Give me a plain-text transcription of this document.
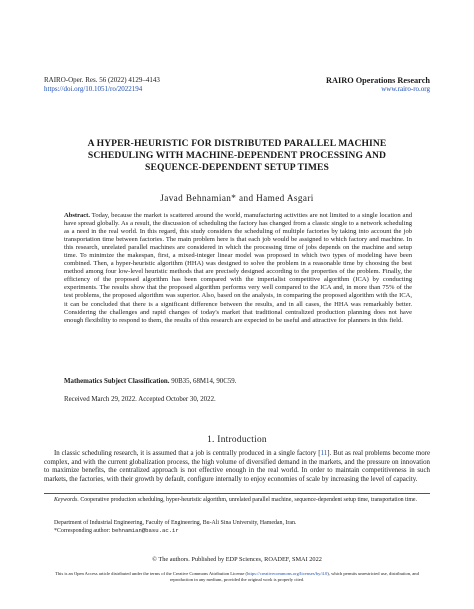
RAIRO-Oper. Res. 56 (2022) 4129–4143
https://doi.org/10.1051/ro/2022194
RAIRO Operations Research
www.rairo-ro.org
A HYPER-HEURISTIC FOR DISTRIBUTED PARALLEL MACHINE
SCHEDULING WITH MACHINE-DEPENDENT PROCESSING AND
SEQUENCE-DEPENDENT SETUP TIMES
Javad Behnamian* and Hamed Asgari
Abstract. Today, because the market is scattered around the world, manufacturing activities are not limited to a single location and have spread globally. As a result, the discussion of scheduling the factory has changed from a classic single to a network scheduling as a need in the real world. In this regard, this study considers the scheduling of multiple factories by taking into account the job transportation time between factories. The main problem here is that each job would be assigned to which factory and machine. In this research, unrelated parallel machines are considered in which the processing time of jobs depends on the machine and setup time. To minimize the makespan, first, a mixed-integer linear model was proposed in which two types of modeling have been combined. Then, a hyper-heuristic algorithm (HHA) was designed to solve the problem in a reasonable time by choosing the best method among four low-level heuristic methods that are precisely designed according to the properties of the problem. Finally, the efficiency of the proposed algorithm has been compared with the imperialist competitive algorithm (ICA) by conducting experiments. The results show that the proposed algorithm performs very well compared to the ICA and, in more than 75% of the test problems, the proposed algorithm was superior. Also, based on the analysis, in comparing the proposed algorithm with the ICA, it can be concluded that there is a significant difference between the results, and in all cases, the HHA was remarkably better. Considering the challenges and rapid changes of today's market that traditional centralized production planning does not have enough flexibility to respond to them, the results of this research are expected to be useful and attractive for planners in this field.
Mathematics Subject Classification. 90B35, 68M14, 90C59.
Received March 29, 2022. Accepted October 30, 2022.
1. Introduction
In classic scheduling research, it is assumed that a job is centrally produced in a single factory [11]. But as real problems become more complex, and with the current globalization process, the high volume of diversified demand in the markets, and the pressure on innovation to maximize benefits, the centralized approach is not effective enough in the real world. In order to maintain competitiveness in such markets, the factories, with their growth by default, configure internally to enjoy economies of scale by increasing the level of capacity.
Keywords. Cooperative production scheduling, hyper-heuristic algorithm, unrelated parallel machine, sequence-dependent setup time, transportation time.
Department of Industrial Engineering, Faculty of Engineering, Bu-Ali Sina University, Hamedan, Iran.
*Corresponding author: behnamian@basu.ac.ir
© The authors. Published by EDP Sciences, ROADEF, SMAI 2022
This is an Open Access article distributed under the terms of the Creative Commons Attribution License (https://creativecommons.org/licenses/by/4.0), which permits unrestricted use, distribution, and reproduction in any medium, provided the original work is properly cited.
